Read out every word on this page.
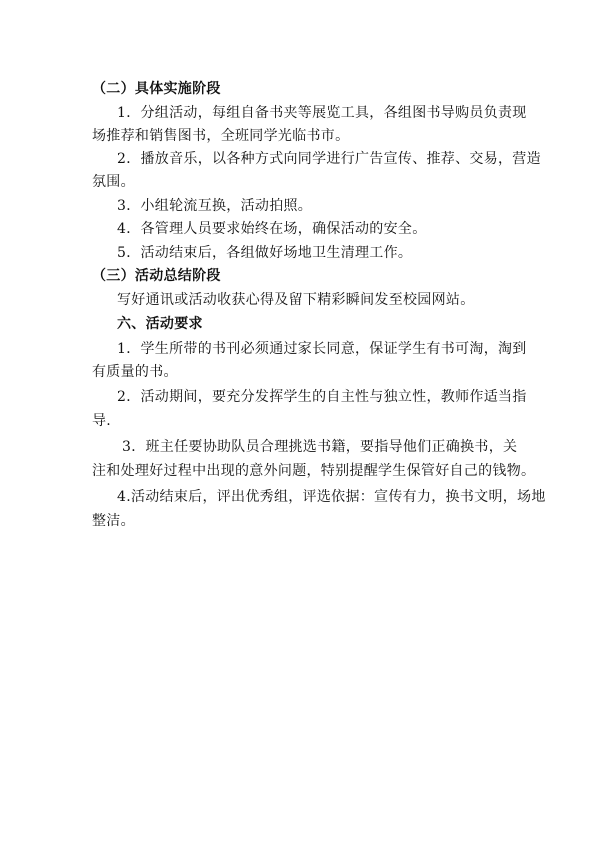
（二）具体实施阶段
1．分组活动，每组自备书夹等展览工具，各组图书导购员负责现
场推荐和销售图书，全班同学光临书市。
2．播放音乐，以各种方式向同学进行广告宣传、推荐、交易，营造
氛围。
3．小组轮流互换，活动拍照。
4．各管理人员要求始终在场，确保活动的安全。
5．活动结束后，各组做好场地卫生清理工作。
（三）活动总结阶段
写好通讯或活动收获心得及留下精彩瞬间发至校园网站。
六、活动要求
1．学生所带的书刊必须通过家长同意，保证学生有书可淘，淘到
有质量的书。
2．活动期间，要充分发挥学生的自主性与独立性，教师作适当指
导.
3．班主任要协助队员合理挑选书籍，要指导他们正确换书，关
注和处理好过程中出现的意外问题，特别提醒学生保管好自己的钱物。
4.活动结束后，评出优秀组，评选依据：宣传有力，换书文明，场地
整洁。
